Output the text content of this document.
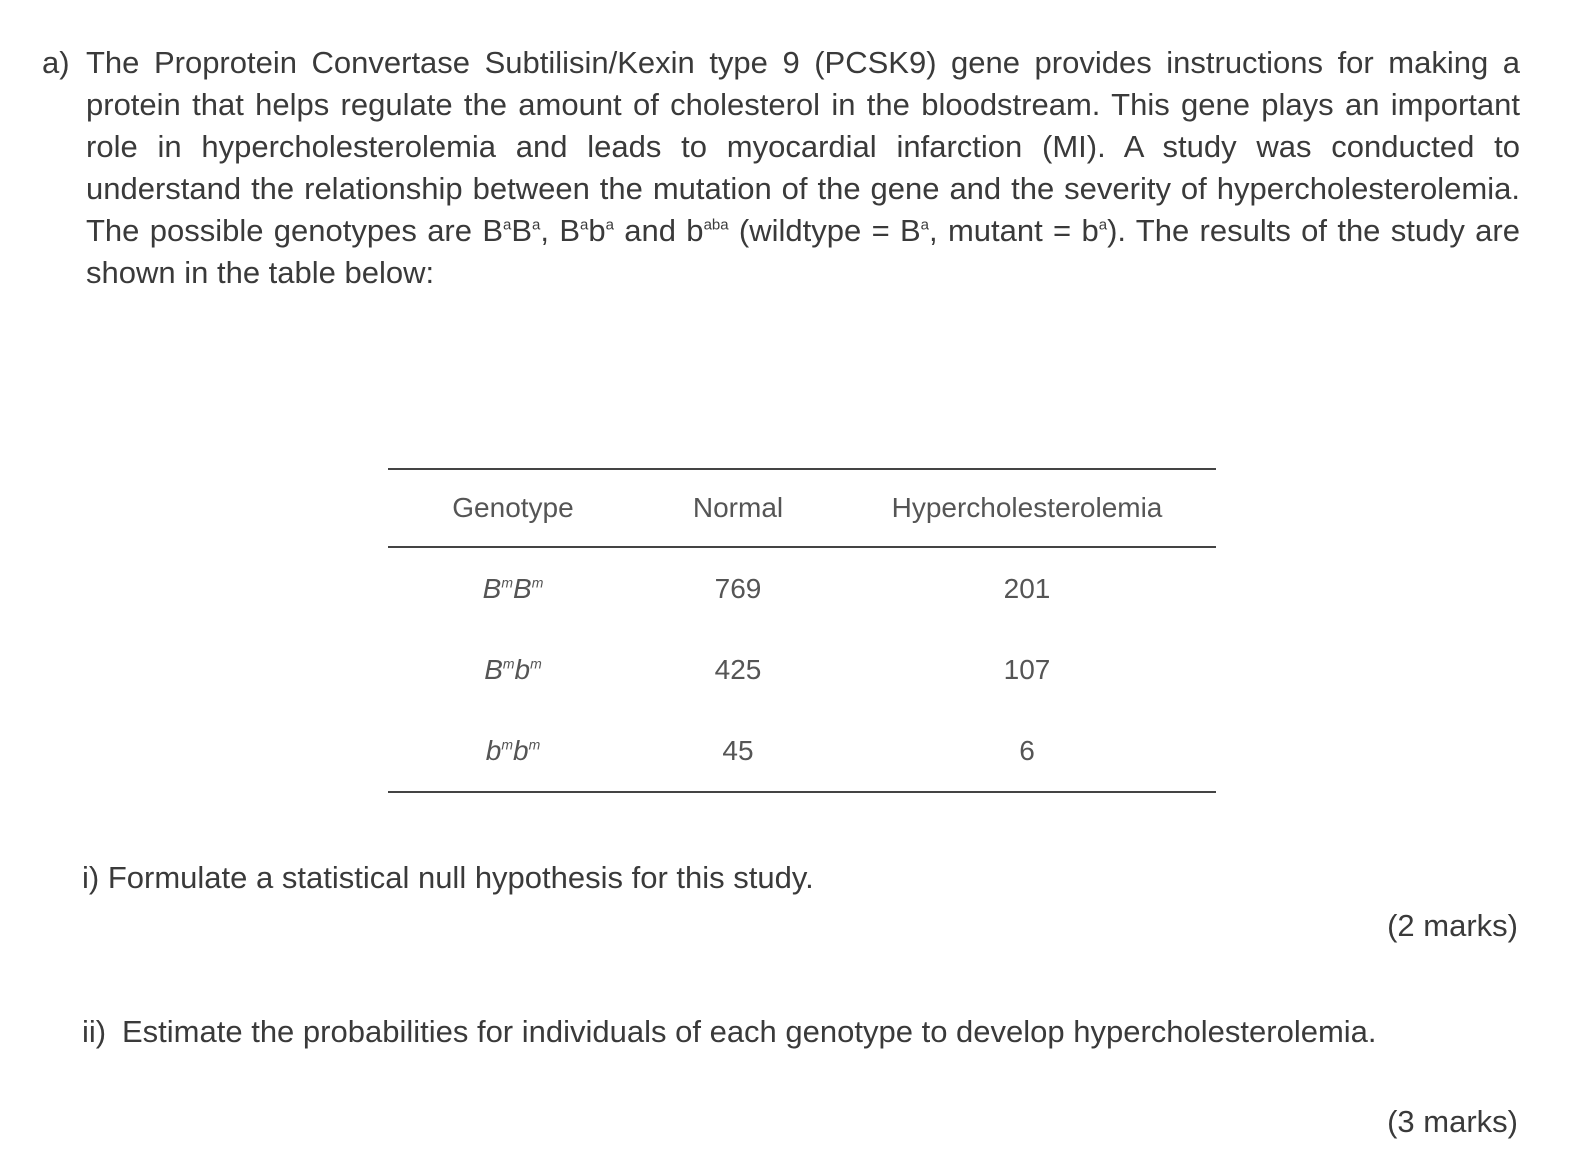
a) The Proprotein Convertase Subtilisin/Kexin type 9 (PCSK9) gene provides instructions for making a protein that helps regulate the amount of cholesterol in the bloodstream. This gene plays an important role in hypercholesterolemia and leads to myocardial infarction (MI). A study was conducted to understand the relationship between the mutation of the gene and the severity of hypercholesterolemia. The possible genotypes are $B^aB^a$, $B^ab^a$ and $b^{aba}$ (wildtype = $B^a$, $mutant = b^a$). The results of the study are shown in the table below:
Genotype	Normal	Hypercholesterolemia
$B^mB^m$	769	201
$B^mb^m$	425	107
$b^mb^m$	45	6
i) Formulate a statistical null hypothesis for this study.
(2 marks)
ii) Estimate the probabilities for individuals of each genotype to develop hypercholesterolemia.
(3 marks)
